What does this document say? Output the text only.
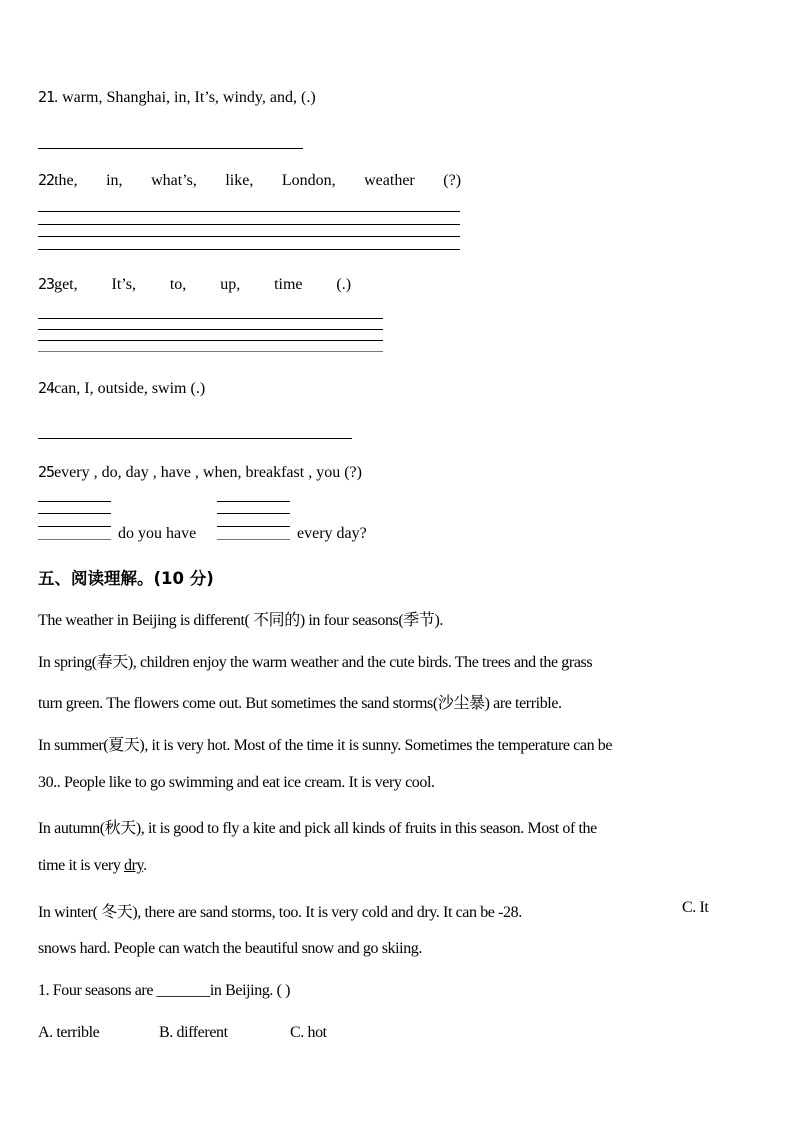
21. warm, Shanghai, in, It’s, windy, and, (.)
22 the, in, what’s, like, London, weather (?)
23 get, It’s, to, up, time (.)
24can, I, outside, swim (.)
25every , do, day , have , when, breakfast , you (?)
do you have	every day?
五、阅读理解。(10 分)
The weather in Beijing is different( 不同的) in four seasons(季节).
In spring(春天), children enjoy the warm weather and the cute birds. The trees and the grass
turn green. The flowers come out. But sometimes the sand storms(沙尘暴) are terrible.
In summer(夏天), it is very hot. Most of the time it is sunny. Sometimes the temperature can be
30.. People like to go swimming and eat ice cream. It is very cool.
In autumn(秋天), it is good to fly a kite and pick all kinds of fruits in this season. Most of the
time it is very dry.
In winter( 冬天), there are sand storms, too. It is very cold and dry. It can be -28.	C. It
snows hard. People can watch the beautiful snow and go skiing.
1. Four seasons are _______in Beijing. ( )
A. terrible	B. different	C. hot
